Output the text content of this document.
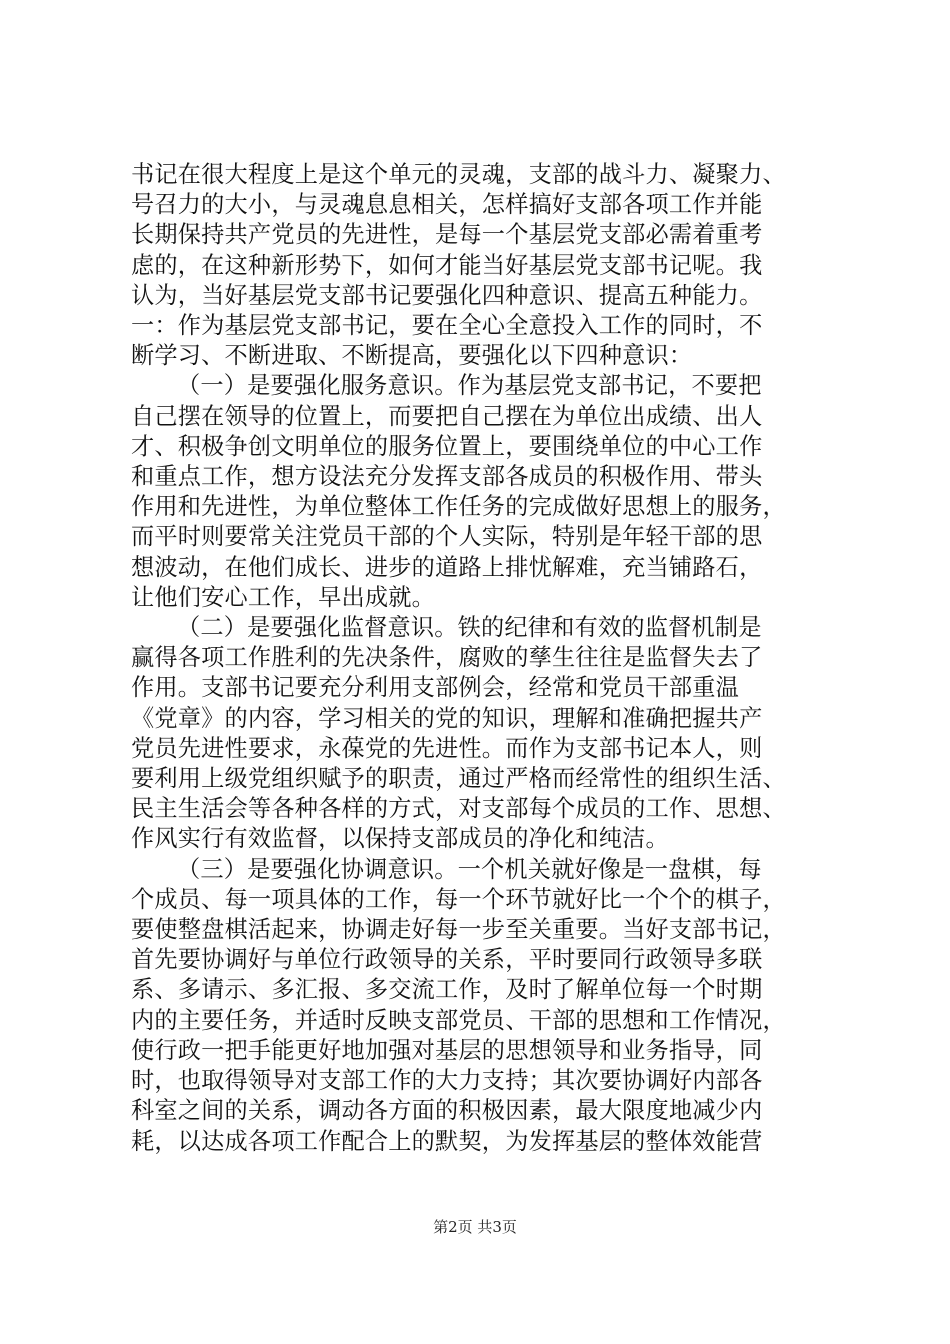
书记在很大程度上是这个单元的灵魂，支部的战斗力、凝聚力、

号召力的大小，与灵魂息息相关，怎样搞好支部各项工作并能

长期保持共产党员的先进性，是每一个基层党支部必需着重考

虑的，在这种新形势下，如何才能当好基层党支部书记呢。我

认为，当好基层党支部书记要强化四种意识、提高五种能力。

一：作为基层党支部书记，要在全心全意投入工作的同时，不

断学习、不断进取、不断提高，要强化以下四种意识：

（一）是要强化服务意识。作为基层党支部书记，不要把

自己摆在领导的位置上，而要把自己摆在为单位出成绩、出人

才、积极争创文明单位的服务位置上，要围绕单位的中心工作

和重点工作，想方设法充分发挥支部各成员的积极作用、带头

作用和先进性，为单位整体工作任务的完成做好思想上的服务，

而平时则要常关注党员干部的个人实际，特别是年轻干部的思

想波动，在他们成长、进步的道路上排忧解难，充当铺路石，

让他们安心工作，早出成就。

（二）是要强化监督意识。铁的纪律和有效的监督机制是

赢得各项工作胜利的先决条件，腐败的孳生往往是监督失去了

作用。支部书记要充分利用支部例会，经常和党员干部重温

《党章》的内容，学习相关的党的知识，理解和准确把握共产

党员先进性要求，永葆党的先进性。而作为支部书记本人，则

要利用上级党组织赋予的职责，通过严格而经常性的组织生活、

民主生活会等各种各样的方式，对支部每个成员的工作、思想、

作风实行有效监督，以保持支部成员的净化和纯洁。

（三）是要强化协调意识。一个机关就好像是一盘棋，每

个成员、每一项具体的工作，每一个环节就好比一个个的棋子，

要使整盘棋活起来，协调走好每一步至关重要。当好支部书记，

首先要协调好与单位行政领导的关系，平时要同行政领导多联

系、多请示、多汇报、多交流工作，及时了解单位每一个时期

内的主要任务，并适时反映支部党员、干部的思想和工作情况，

使行政一把手能更好地加强对基层的思想领导和业务指导，同

时，也取得领导对支部工作的大力支持；其次要协调好内部各

科室之间的关系，调动各方面的积极因素，最大限度地减少内

耗，以达成各项工作配合上的默契，为发挥基层的整体效能营

第2页 共3页
